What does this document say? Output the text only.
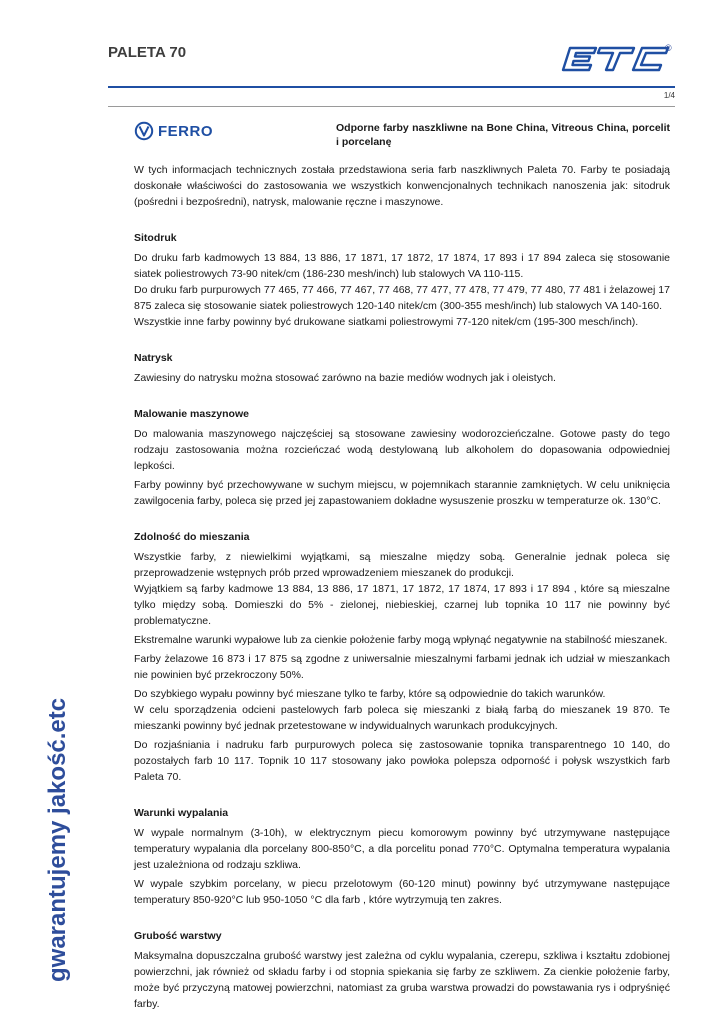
PALETA 70	®
1/4
gwarantujemy jakość.etc
FERRO	Odporne farby naszkliwne na Bone China, Vitreous China, porcelit i porcelanę

W tych informacjach technicznych została przedstawiona seria farb naszkliwnych Paleta 70. Farby te posiadają doskonałe właściwości do zastosowania we wszystkich konwencjonalnych technikach nanoszenia jak: sitodruk (pośredni i bezpośredni), natrysk, malowanie ręczne i maszynowe.

Sitodruk

Do druku farb kadmowych 13 884, 13 886, 17 1871, 17 1872, 17 1874, 17 893 i 17 894 zaleca się stosowanie siatek poliestrowych 73-90 nitek/cm (186-230 mesh/inch) lub stalowych VA 110-115.

Do druku farb purpurowych 77 465, 77 466, 77 467, 77 468, 77 477, 77 478, 77 479, 77 480, 77 481 i żelazowej 17 875 zaleca się stosowanie siatek poliestrowych 120-140 nitek/cm (300-355 mesh/inch) lub stalowych VA 140-160.

Wszystkie inne farby powinny być drukowane siatkami poliestrowymi 77-120 nitek/cm (195-300 mesch/inch).

Natrysk

Zawiesiny do natrysku można stosować zarówno na bazie mediów wodnych jak i oleistych.

Malowanie maszynowe

Do malowania maszynowego najczęściej są stosowane zawiesiny wodorozcieńczalne. Gotowe pasty do tego rodzaju zastosowania można rozcieńczać wodą destylowaną lub alkoholem do dopasowania odpowiedniej lepkości.

Farby powinny być przechowywane w suchym miejscu, w pojemnikach starannie zamkniętych. W celu uniknięcia zawilgocenia farby, poleca się przed jej zapastowaniem dokładne wysuszenie proszku w temperaturze ok. 130°C.

Zdolność do mieszania

Wszystkie farby, z niewielkimi wyjątkami, są mieszalne między sobą. Generalnie jednak poleca się przeprowadzenie wstępnych prób przed wprowadzeniem mieszanek do produkcji.

Wyjątkiem są farby kadmowe 13 884, 13 886, 17 1871, 17 1872, 17 1874, 17 893 i 17 894 , które są mieszalne tylko między sobą. Domieszki do 5% - zielonej, niebieskiej, czarnej lub topnika 10 117 nie powinny być problematyczne.

Ekstremalne warunki wypałowe lub za cienkie położenie farby mogą wpłynąć negatywnie na stabilność mieszanek.

Farby żelazowe 16 873 i 17 875 są zgodne z uniwersalnie mieszalnymi farbami jednak ich udział w mieszankach nie powinien być przekroczony 50%.

Do szybkiego wypału powinny być mieszane tylko te farby, które są odpowiednie do takich warunków.

W celu sporządzenia odcieni pastelowych farb poleca się mieszanki z białą farbą do mieszanek 19 870. Te mieszanki powinny być jednak przetestowane w indywidualnych warunkach produkcyjnych.

Do rozjaśniania i nadruku farb purpurowych poleca się zastosowanie topnika transparentnego 10 140, do pozostałych farb 10 117. Topnik 10 117 stosowany jako powłoka polepsza odporność i połysk wszystkich farb Paleta 70.

Warunki wypalania

W wypale normalnym (3-10h), w elektrycznym piecu komorowym powinny być utrzymywane następujące temperatury wypalania dla porcelany 800-850°C, a dla porcelitu ponad 770°C. Optymalna temperatura wypalania jest uzależniona od rodzaju szkliwa.

W wypale szybkim porcelany, w piecu przelotowym (60-120 minut) powinny być utrzymywane następujące temperatury 850-920°C lub 950-1050 °C dla farb , które wytrzymują ten zakres.

Grubość warstwy

Maksymalna dopuszczalna grubość warstwy jest zależna od cyklu wypalania, czerepu, szkliwa i kształtu zdobionej powierzchni, jak również od składu farby i od stopnia spiekania się farby ze szkliwem. Za cienkie położenie farby, może być przyczyną matowej powierzchni, natomiast za gruba warstwa prowadzi do powstawania rys i odpryśnięć farby.
